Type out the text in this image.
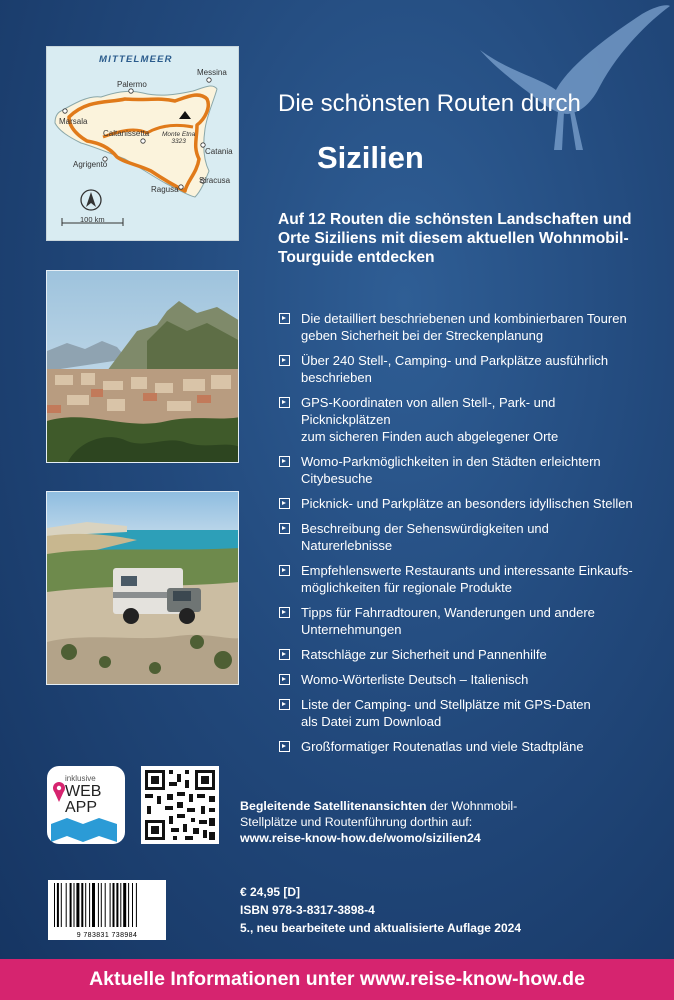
MITTELMEER
Messina
Palermo
Marsala
Caltanissetta
Catania
Agrigento
Ragusa
Siracusa
Monte Etna
3323
100 km
Die schönsten Routen durch
Sizilien
Auf 12 Routen die schönsten Landschaften und Orte Siziliens mit diesem aktuellen Wohnmobil-Tourguide entdecken
Die detailliert beschriebenen und kombinierbaren Touren
geben Sicherheit bei der Streckenplanung
Über 240 Stell-, Camping- und Parkplätze ausführlich
beschrieben
GPS-Koordinaten von allen Stell-, Park- und Picknickplätzen
zum sicheren Finden auch abgelegener Orte
Womo-Parkmöglichkeiten in den Städten erleichtern
Citybesuche
Picknick- und Parkplätze an besonders idyllischen Stellen
Beschreibung der Sehenswürdigkeiten und Naturerlebnisse
Empfehlenswerte Restaurants und interessante Einkaufs-
möglichkeiten für regionale Produkte
Tipps für Fahrradtouren, Wanderungen und andere
Unternehmungen
Ratschläge zur Sicherheit und Pannenhilfe
Womo-Wörterliste Deutsch – Italienisch
Liste der Camping- und Stellplätze mit GPS-Daten
als Datei zum Download
Großformatiger Routenatlas und viele Stadtpläne
inklusive
WEB
APP	Begleitende Satellitenansichten der Wohnmobil-Stellplätze und Routenführung dorthin auf:
www.reise-know-how.de/womo/sizilien24
9 783831 738984
€ 24,95 [D]
ISBN 978-3-8317-3898-4
5., neu bearbeitete und aktualisierte Auflage 2024
Aktuelle Informationen unter www.reise-know-how.de
